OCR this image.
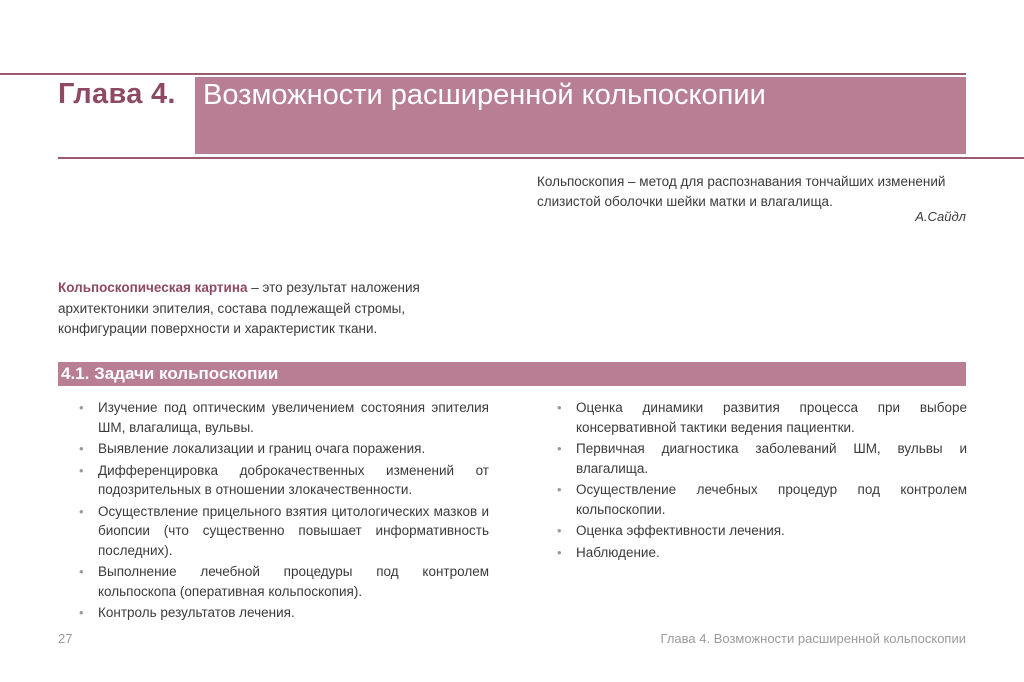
Глава 4. Возможности расширенной кольпоскопии
Кольпоскопия – метод для распознавания тончайших изменений слизистой оболочки шейки матки и влагалища.
А.Сайдл
Кольпоскопическая картина – это результат наложения архитектоники эпителия, состава подлежащей стромы, конфигурации поверхности и характеристик ткани.
4.1. Задачи кольпоскопии
• Изучение под оптическим увеличением состояния эпителия ШМ, влагалища, вульвы.
• Выявление локализации и границ очага поражения.
• Дифференцировка доброкачественных изменений от подозрительных в отношении злокачественности.
• Осуществление прицельного взятия цитологических мазков и биопсии (что существенно повышает информативность последних).
• Выполнение лечебной процедуры под контролем кольпоскопа (оперативная кольпоскопия).
• Контроль результатов лечения.
• Оценка динамики развития процесса при выборе консервативной тактики ведения пациентки.
• Первичная диагностика заболеваний ШМ, вульвы и влагалища.
• Осуществление лечебных процедур под контролем кольпоскопии.
• Оценка эффективности лечения.
• Наблюдение.
27	Глава 4. Возможности расширенной кольпоскопии
